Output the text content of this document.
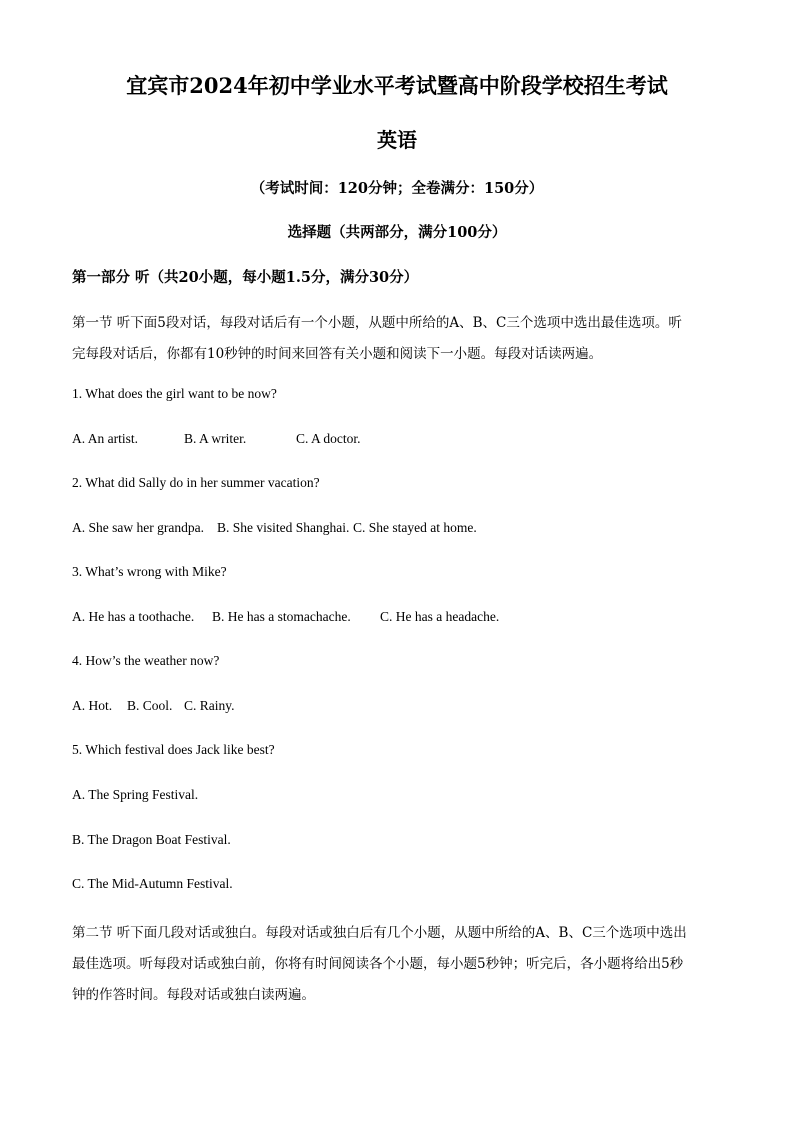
宜宾市2024年初中学业水平考试暨高中阶段学校招生考试
英语
（考试时间：120分钟；全卷满分：150分）
选择题（共两部分，满分100分）
第一部分 听（共20小题，每小题1.5分，满分30分）
第一节 听下面5段对话，每段对话后有一个小题，从题中所给的A、B、C三个选项中选出最佳选项。听
完每段对话后，你都有10秒钟的时间来回答有关小题和阅读下一小题。每段对话读两遍。
1. What does the girl want to be now?
A. An artist.	B. A writer.	C. A doctor.
2. What did Sally do in her summer vacation?
A. She saw her grandpa. B. She visited Shanghai. C. She stayed at home.
3. What’s wrong with Mike?
A. He has a toothache. B. He has a stomachache. C. He has a headache.
4. How’s the weather now?
A. Hot. B. Cool. C. Rainy.
5. Which festival does Jack like best?
A. The Spring Festival.
B. The Dragon Boat Festival.
C. The Mid-Autumn Festival.
第二节 听下面几段对话或独白。每段对话或独白后有几个小题，从题中所给的A、B、C三个选项中选出
最佳选项。听每段对话或独白前，你将有时间阅读各个小题，每小题5秒钟；听完后，各小题将给出5秒
钟的作答时间。每段对话或独白读两遍。
